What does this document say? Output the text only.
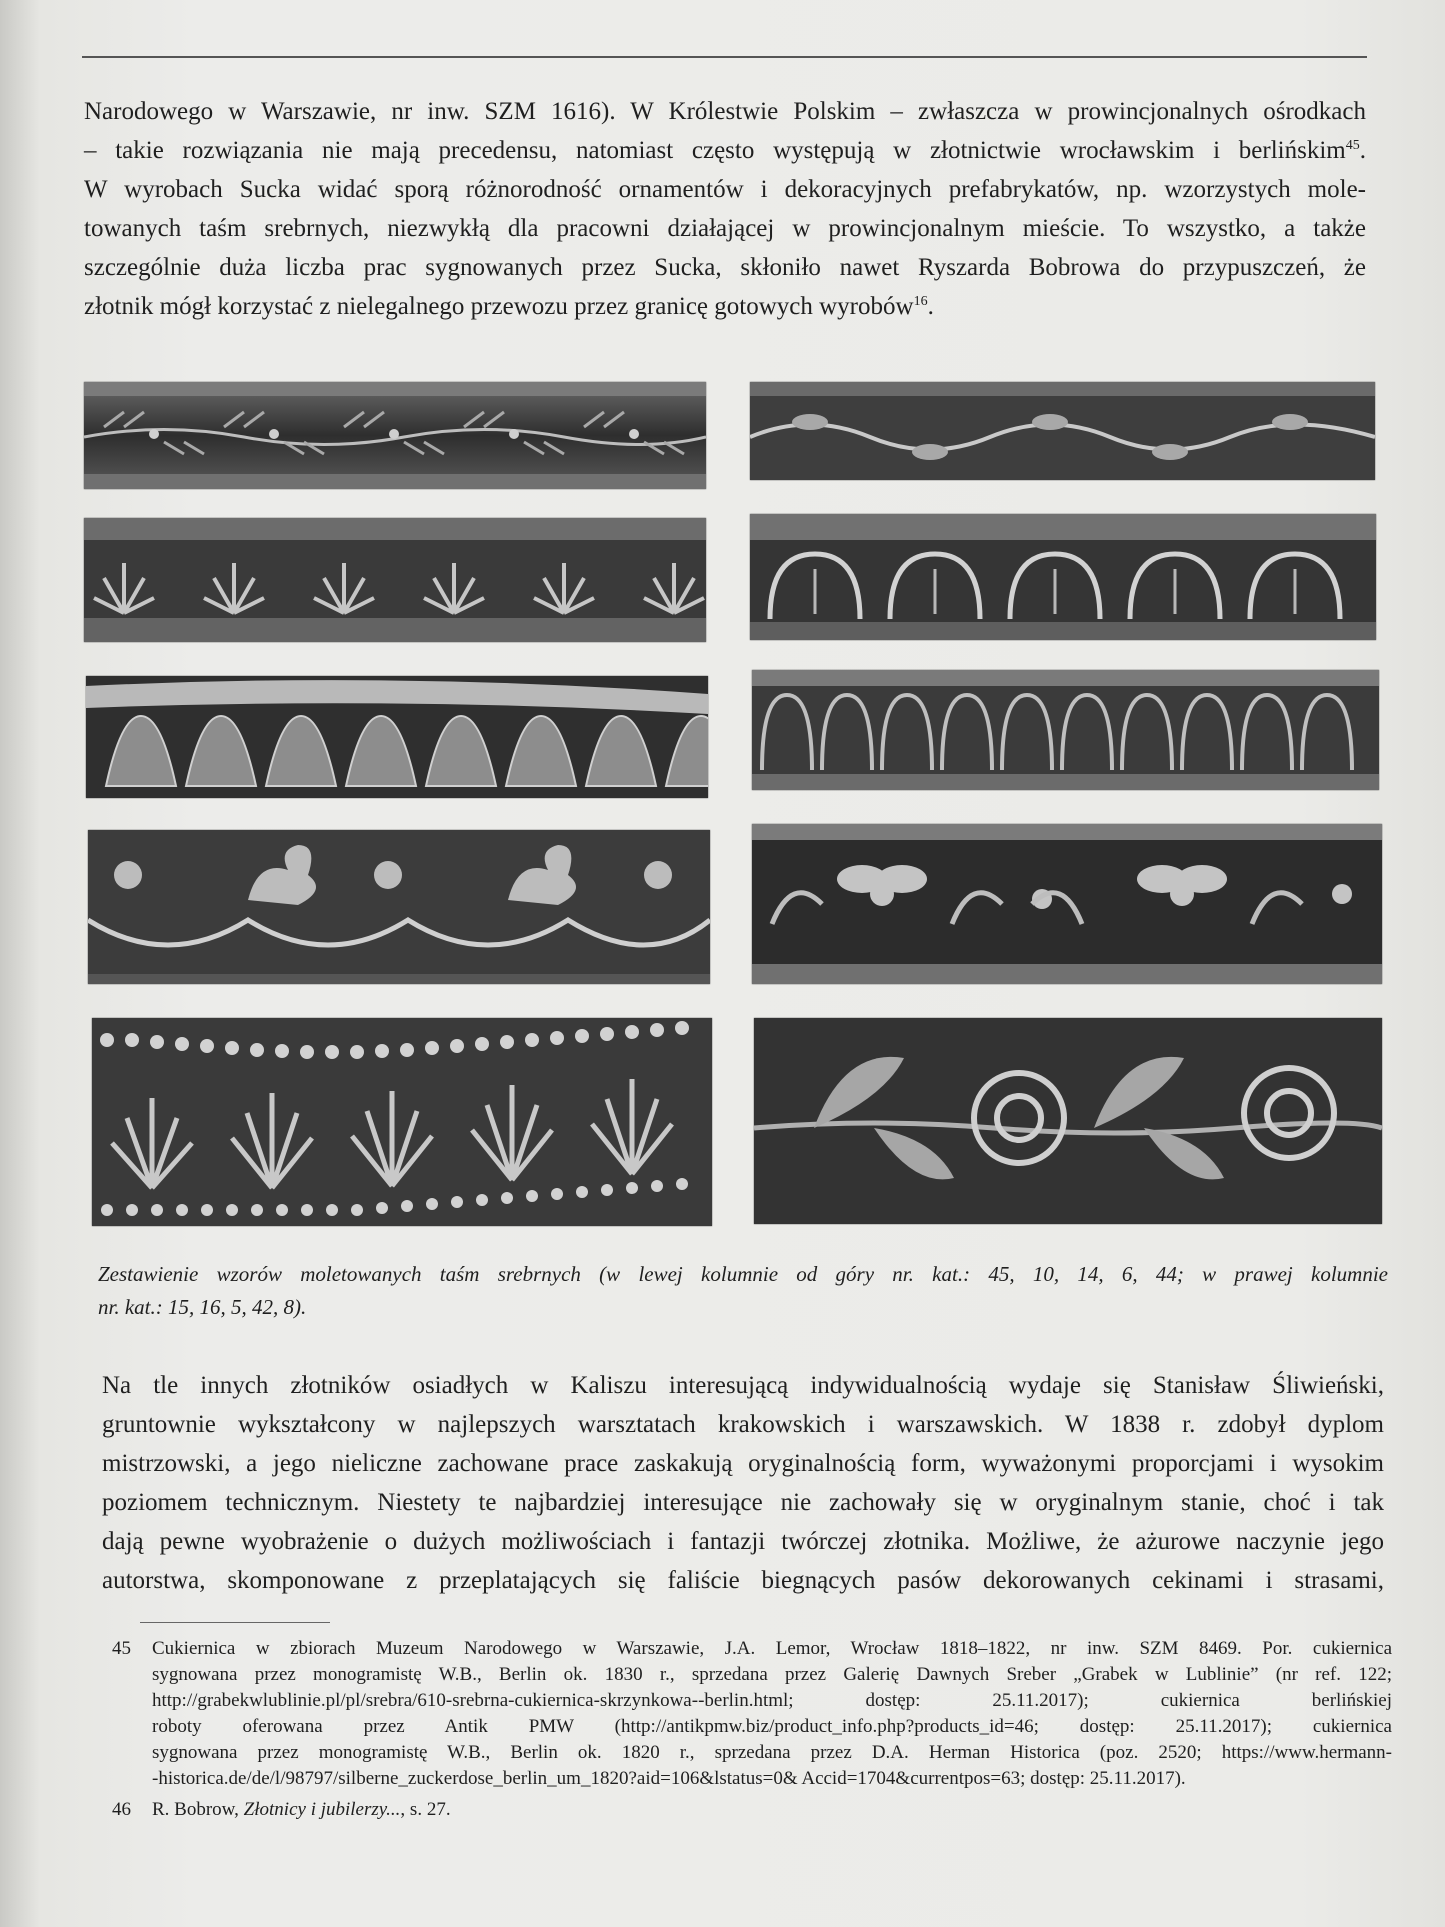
Narodowego w Warszawie, nr inw. SZM 1616). W Królestwie Polskim – zwłaszcza w prowincjonalnych ośrodkach
– takie rozwiązania nie mają precedensu, natomiast często występują w złotnictwie wrocławskim i berlińskim$^{45}$.
W wyrobach Sucka widać sporą różnorodność ornamentów i dekoracyjnych prefabrykatów, np. wzorzystych mole-
towanych taśm srebrnych, niezwykłą dla pracowni działającej w prowincjonalnym mieście. To wszystko, a także
szczególnie duża liczba prac sygnowanych przez Sucka, skłoniło nawet Ryszarda Bobrowa do przypuszczeń, że
złotnik mógł korzystać z nielegalnego przewozu przez granicę gotowych wyrobów$^{16}$.

Zestawienie wzorów moletowanych taśm srebrnych (w lewej kolumnie od góry nr. kat.: 45, 10, 14, 6, 44; w prawej kolumnie
nr. kat.: 15, 16, 5, 42, 8).

Na tle innych złotników osiadłych w Kaliszu interesującą indywidualnością wydaje się Stanisław Śliwieński,
gruntownie wykształcony w najlepszych warsztatach krakowskich i warszawskich. W 1838 r. zdobył dyplom
mistrzowski, a jego nieliczne zachowane prace zaskakują oryginalnością form, wyważonymi proporcjami i wysokim
poziomem technicznym. Niestety te najbardziej interesujące nie zachowały się w oryginalnym stanie, choć i tak
dają pewne wyobrażenie o dużych możliwościach i fantazji twórczej złotnika. Możliwe, że ażurowe naczynie jego
autorstwa, skomponowane z przeplatających się faliście biegnących pasów dekorowanych cekinami i strasami,

45 Cukiernica w zbiorach Muzeum Narodowego w Warszawie, J.A. Lemor, Wrocław 1818–1822, nr inw. SZM 8469. Por. cukiernica
sygnowana przez monogramistę W.B., Berlin ok. 1830 r., sprzedana przez Galerię Dawnych Sreber „Grabek w Lublinie” (nr ref. 122;
http://grabekwlublinie.pl/pl/srebra/610-srebrna-cukiernica-skrzynkowa--berlin.html; dostęp: 25.11.2017); cukiernica berlińskiej
roboty oferowana przez Antik PMW (http://antikpmw.biz/product_info.php?products_id=46; dostęp: 25.11.2017); cukiernica
sygnowana przez monogramistę W.B., Berlin ok. 1820 r., sprzedana przez D.A. Herman Historica (poz. 2520; https://www.hermann-
-historica.de/de/l/98797/silberne_zuckerdose_berlin_um_1820?aid=106&lstatus=0& Accid=1704&currentpos=63; dostęp: 25.11.2017).
46 R. Bobrow, Złotnicy i jubilerzy..., s. 27.
